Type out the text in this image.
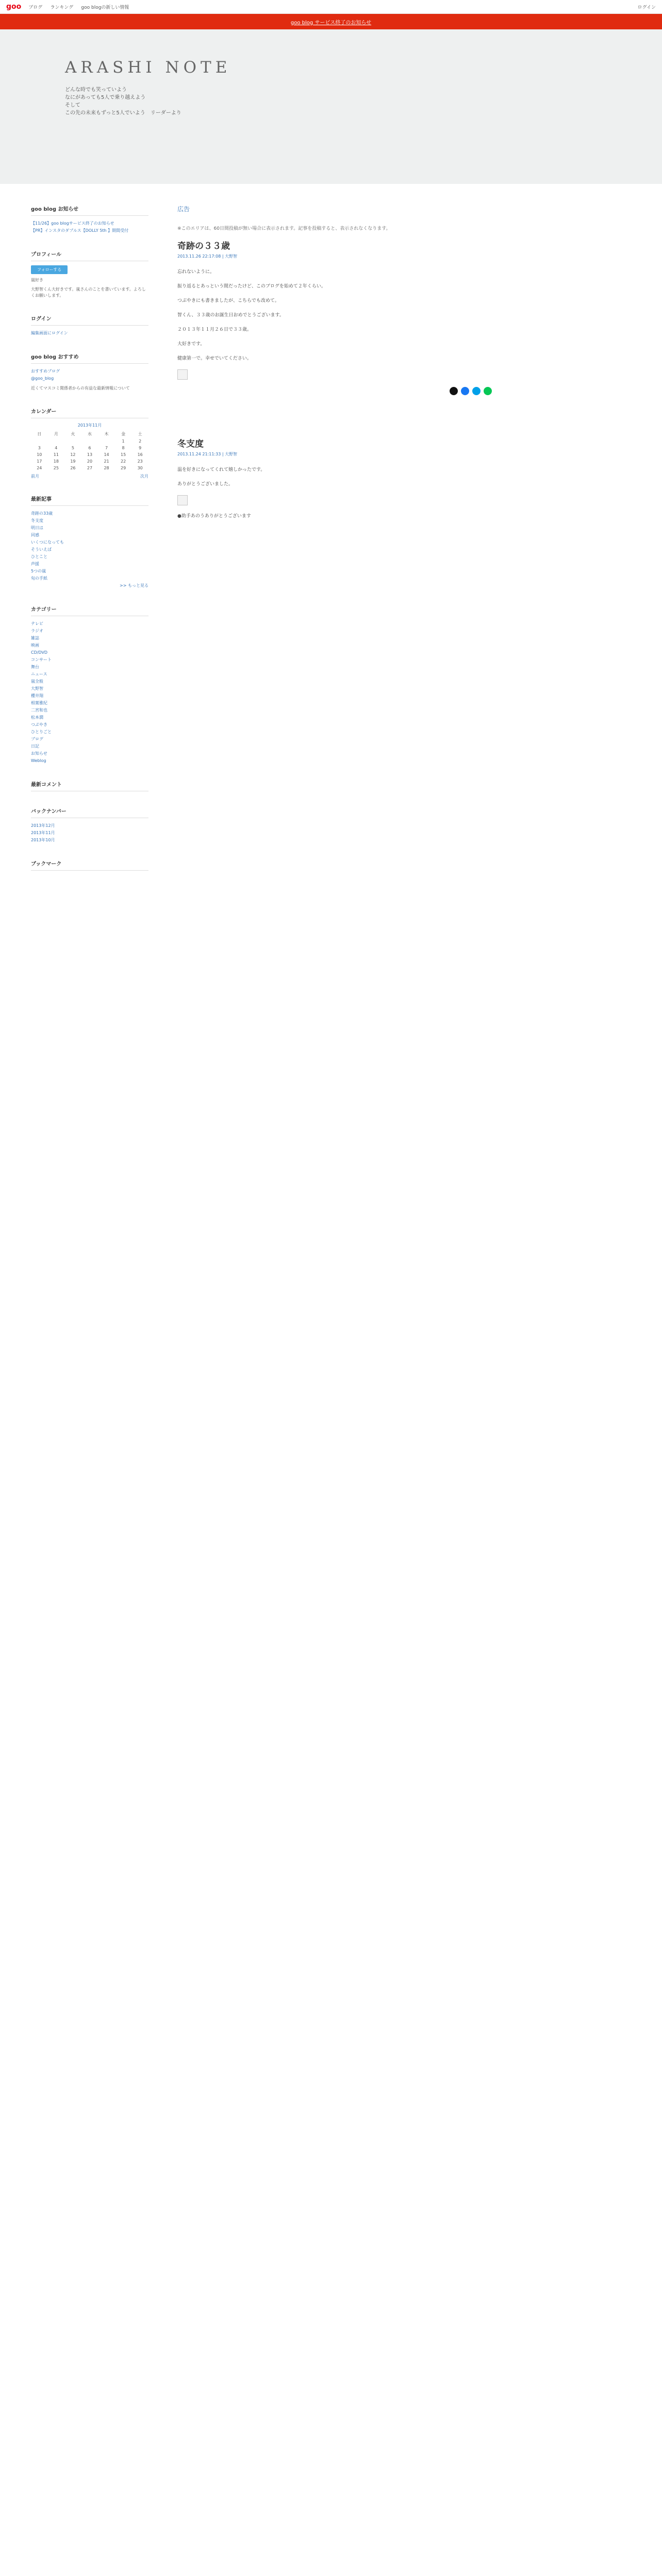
goo ブログ ランキング goo blogの新しい情報	ログイン
goo blog サービス終了のお知らせ
ARASHI NOTE
どんな時でも笑っていよう
なにがあっても5人で乗り越えよう
そして
この先の未来もずっと5人でいよう　リーダーより
goo blog お知らせ
【11/26】goo blogサービス終了のお知らせ
【PR】インスタのダブルス【DOLLY 5th 】期間受付
プロフィール
フォローする
嵐好き
大野智くん大好きです。嵐さんのことを書いています。よろしくお願いします。
ログイン
編集画面にログイン
goo blog おすすめ
おすすめブログ
@goo_blog
近くてマスコミ関係者からの有益な最新情報について
カレンダー
2013年11月
日	月	火	水	木	金	土
					1	2
3	4	5	6	7	8	9
10	11	12	13	14	15	16
17	18	19	20	21	22	23
24	25	26	27	28	29	30
前月	次月
最新記事
奇跡の33歳
冬支度
明日は
同感
いくつになっても
そういえば
ひとこと
声援
5つの嵐
旬の手紙
>> もっと見る
カテゴリー
テレビ
ラジオ
雑誌
映画
CD/DVD
コンサート
舞台
ニュース
嵐全般
大野智
櫻井翔
相葉雅紀
二宮和也
松本潤
つぶやき
ひとりごと
ブログ
日記
お知らせ
Weblog
最新コメント
バックナンバー
2013年12月
2013年11月
2013年10月
ブックマーク
広告

※このエリアは、60日間投稿が無い場合に表示されます。記事を投稿すると、表示されなくなります。

奇跡の３３歳
2013.11.26 22:17:08 | 大野智

忘れないように。

振り返るとあっという間だったけど、このブログを始めて２年くらい。

つぶやきにも書きましたが、こちらでも改めて。

智くん、３３歳のお誕生日おめでとうございます。

２０１３年１１月２６日で３３歳。

大好きです。

健康第一で。幸せでいてください。

冬支度
2013.11.24 21:11:33 | 大野智

温を好きになってくれて嬉しかったです。

ありがとうございました。

●助手あのうありがとうございます
